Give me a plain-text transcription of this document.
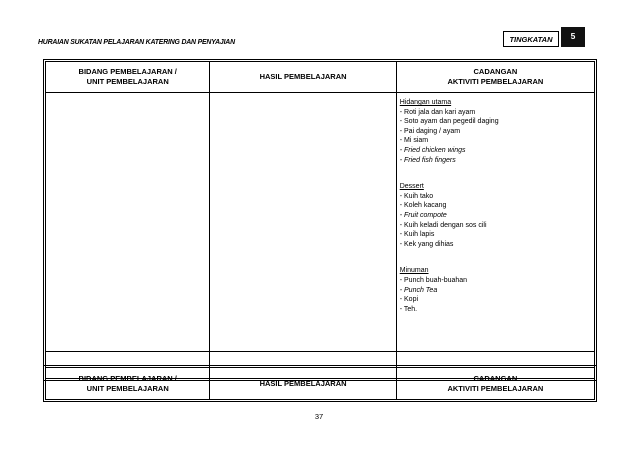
HURAIAN SUKATAN PELAJARAN KATERING DAN PENYAJIAN	TINGKATAN	5
BIDANG PEMBELAJARAN /
UNIT PEMBELAJARAN
HASIL PEMBELAJARAN
CADANGAN
AKTIVITI PEMBELAJARAN
Hidangan utama
- Roti jala dan kari ayam
- Soto ayam dan pegedil daging
- Pai daging / ayam
- Mi siam
- Fried chicken wings
- Fried fish fingers
Dessert
- Kuih tako
- Koleh kacang
- Fruit compote
- Kuih keladi dengan sos cili
- Kuih lapis
- Kek yang dihias
Minuman
- Punch buah-buahan
- Punch Tea
- Kopi
- Teh.
BIDANG PEMBELAJARAN /
UNIT PEMBELAJARAN
HASIL PEMBELAJARAN
CADANGAN
AKTIVITI PEMBELAJARAN
37
